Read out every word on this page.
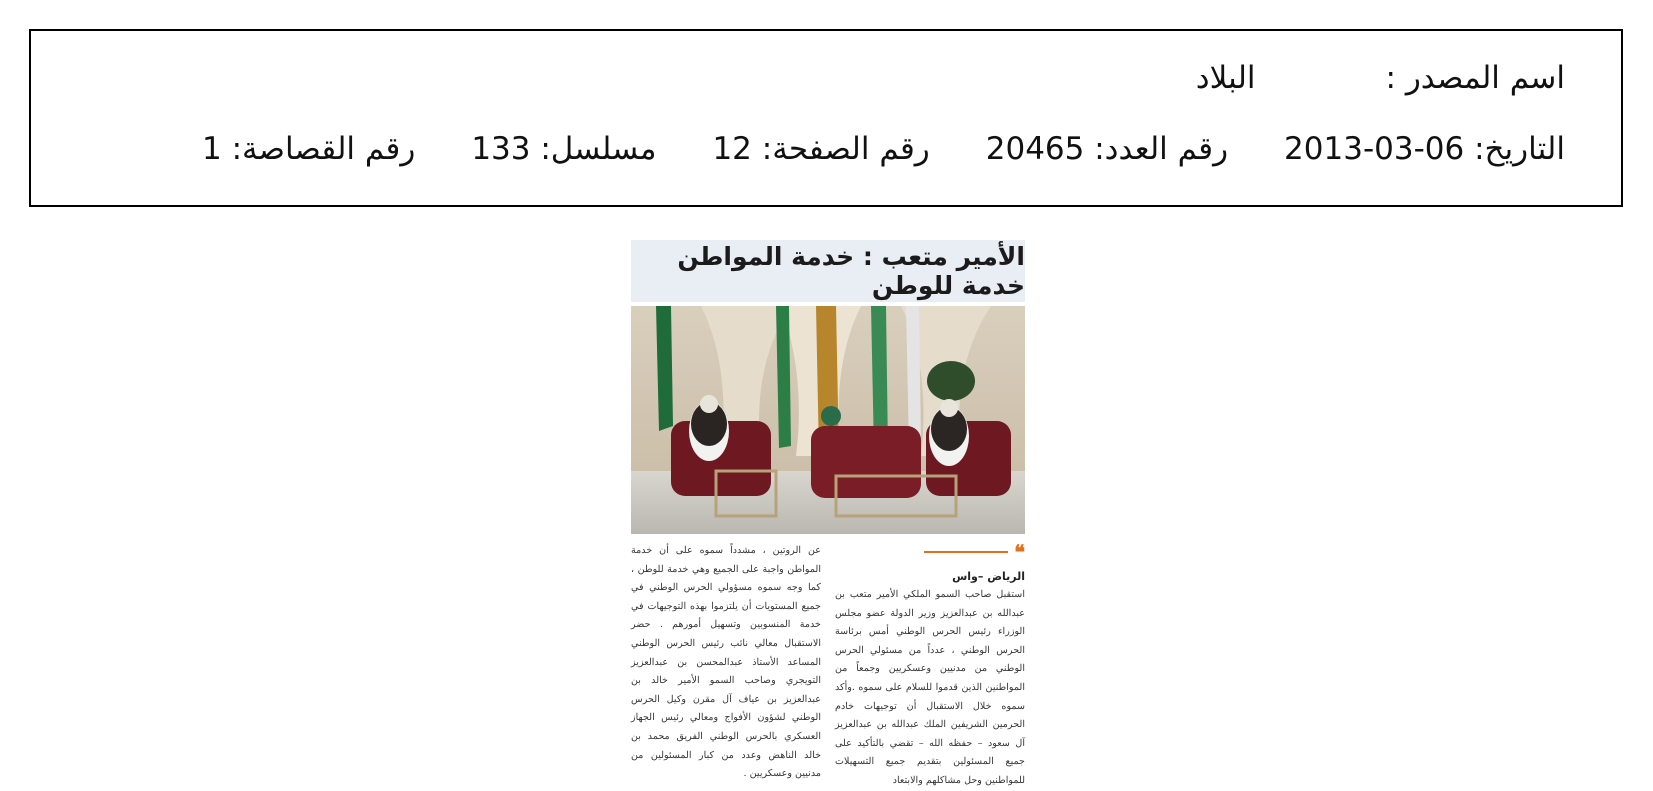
اسم المصدر :البلاد
التاريخ: 2013-03-06رقم العدد: 20465رقم الصفحة: 12مسلسل: 133رقم القصاصة: 1
الأمير متعب : خدمة المواطن خدمة للوطن
❝
الرياض –واس
استقبل صاحب السمو الملكي الأمير متعب بن عبدالله بن عبدالعزيز وزير الدولة عضو مجلس الوزراء رئيس الحرس الوطني أمس برئاسة الحرس الوطني ، عدداً من مسئولي الحرس الوطني من مدنيين وعسكريين وجمعاً من المواطنين الذين قدموا للسلام على سموه .وأكد سموه خلال الاستقبال أن توجيهات خادم الحرمين الشريفين الملك عبدالله بن عبدالعزيز آل سعود – حفظه الله – تقضي بالتأكيد على جميع المسئولين بتقديم جميع التسهيلات للمواطنين وحل مشاكلهم والابتعاد
عن الروتين ، مشدداً سموه على أن خدمة المواطن واجبة على الجميع وهي خدمة للوطن ، كما وجه سموه مسؤولي الحرس الوطني في جميع المستويات أن يلتزموا بهذه التوجيهات في خدمة المنسوبين وتسهيل أمورهم . حضر الاستقبال معالي نائب رئيس الحرس الوطني المساعد الأستاذ عبدالمحسن بن عبدالعزيز التويجري وصاحب السمو الأمير خالد بن عبدالعزيز بن عياف آل مقرن وكيل الحرس الوطني لشؤون الأفواج ومعالي رئيس الجهاز العسكري بالحرس الوطني الفريق محمد بن خالد الناهض وعدد من كبار المسئولين من مدنيين وعسكريين .
